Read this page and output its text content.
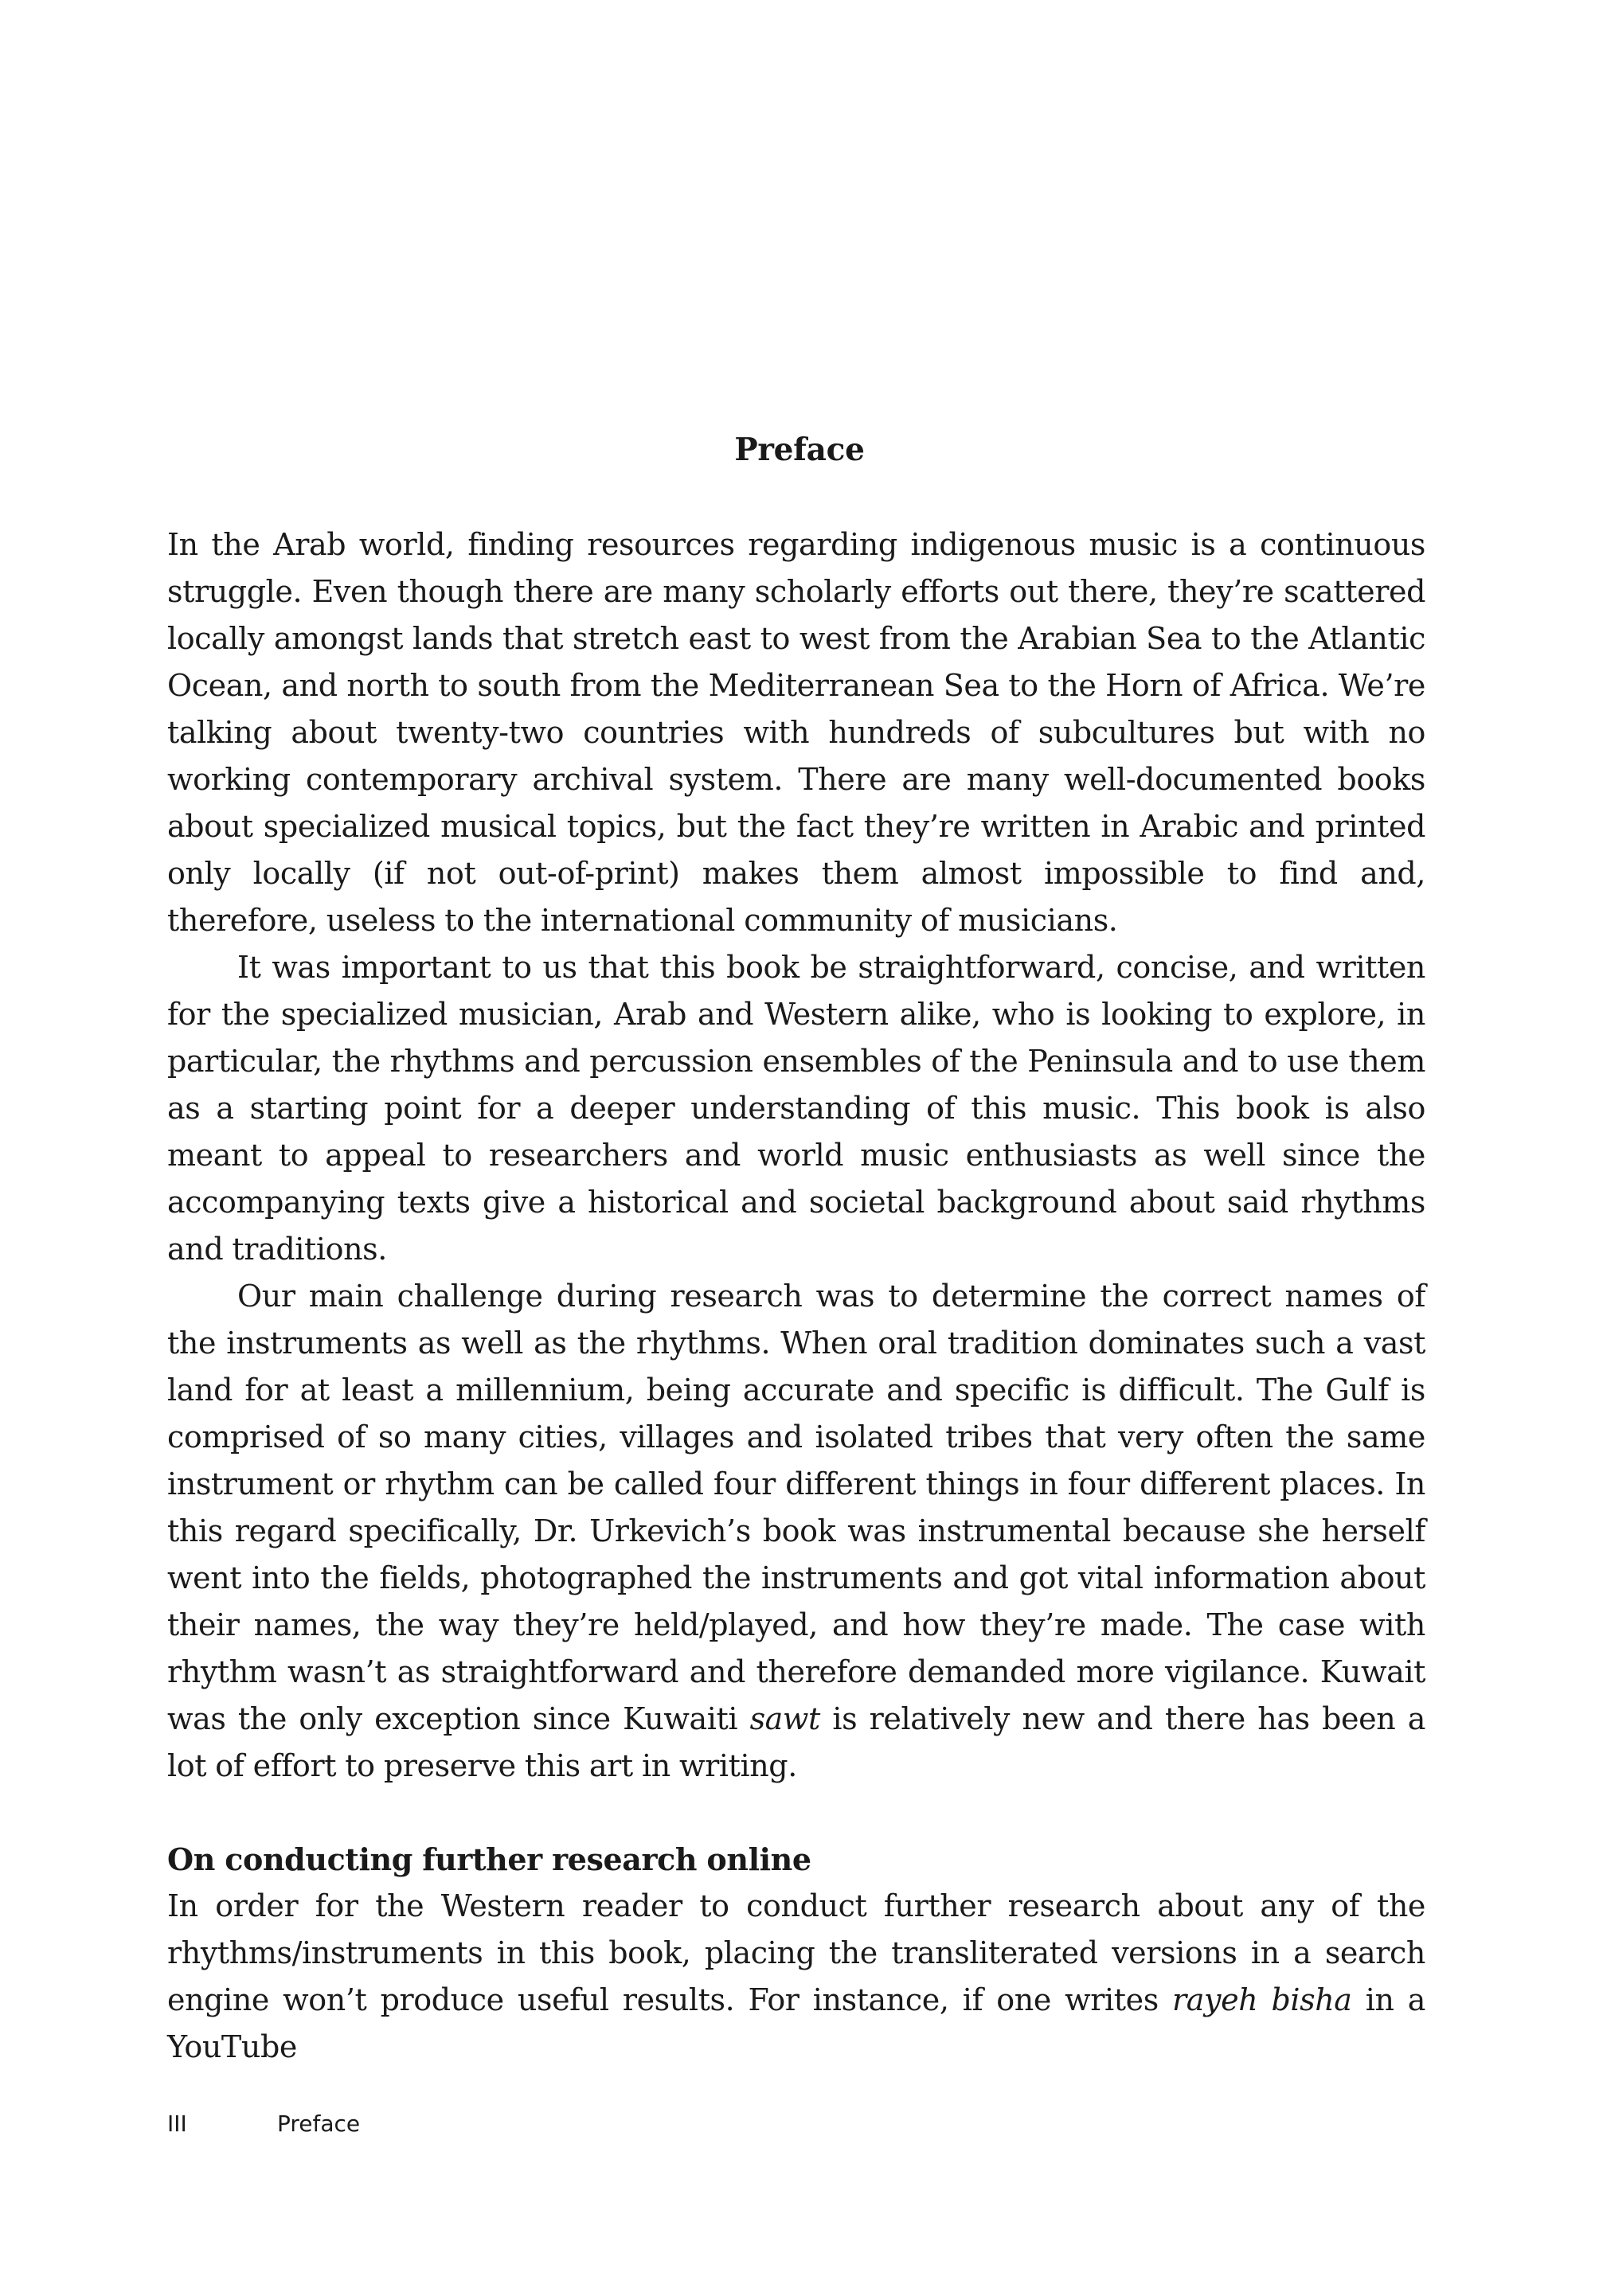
Preface

In the Arab world, finding resources regarding indigenous music is a continuous struggle. Even though there are many scholarly efforts out there, they’re scattered locally amongst lands that stretch east to west from the Arabian Sea to the Atlantic Ocean, and north to south from the Mediterranean Sea to the Horn of Africa. We’re talking about twenty-two countries with hundreds of subcultures but with no working contemporary archival system. There are many well-documented books about specialized musical topics, but the fact they’re written in Arabic and printed only locally (if not out-of-print) makes them almost impossible to find and, therefore, useless to the international community of musicians.

It was important to us that this book be straightforward, concise, and written for the specialized musician, Arab and Western alike, who is looking to explore, in particular, the rhythms and percussion ensembles of the Peninsula and to use them as a starting point for a deeper understanding of this music. This book is also meant to appeal to researchers and world music enthusiasts as well since the accompanying texts give a historical and societal background about said rhythms and traditions.

Our main challenge during research was to determine the correct names of the instruments as well as the rhythms. When oral tradition dominates such a vast land for at least a millennium, being accurate and specific is difficult. The Gulf is comprised of so many cities, villages and isolated tribes that very often the same instrument or rhythm can be called four different things in four different places. In this regard specifically, Dr. Urkevich’s book was instrumental because she herself went into the fields, photographed the instruments and got vital information about their names, the way they’re held/played, and how they’re made. The case with rhythm wasn’t as straightforward and therefore demanded more vigilance. Kuwait was the only exception since Kuwaiti sawt is relatively new and there has been a lot of effort to preserve this art in writing.

On conducting further research online

In order for the Western reader to conduct further research about any of the rhythms/instruments in this book, placing the transliterated versions in a search engine won’t produce useful results. For instance, if one writes rayeh bisha in a YouTube

III	Preface
